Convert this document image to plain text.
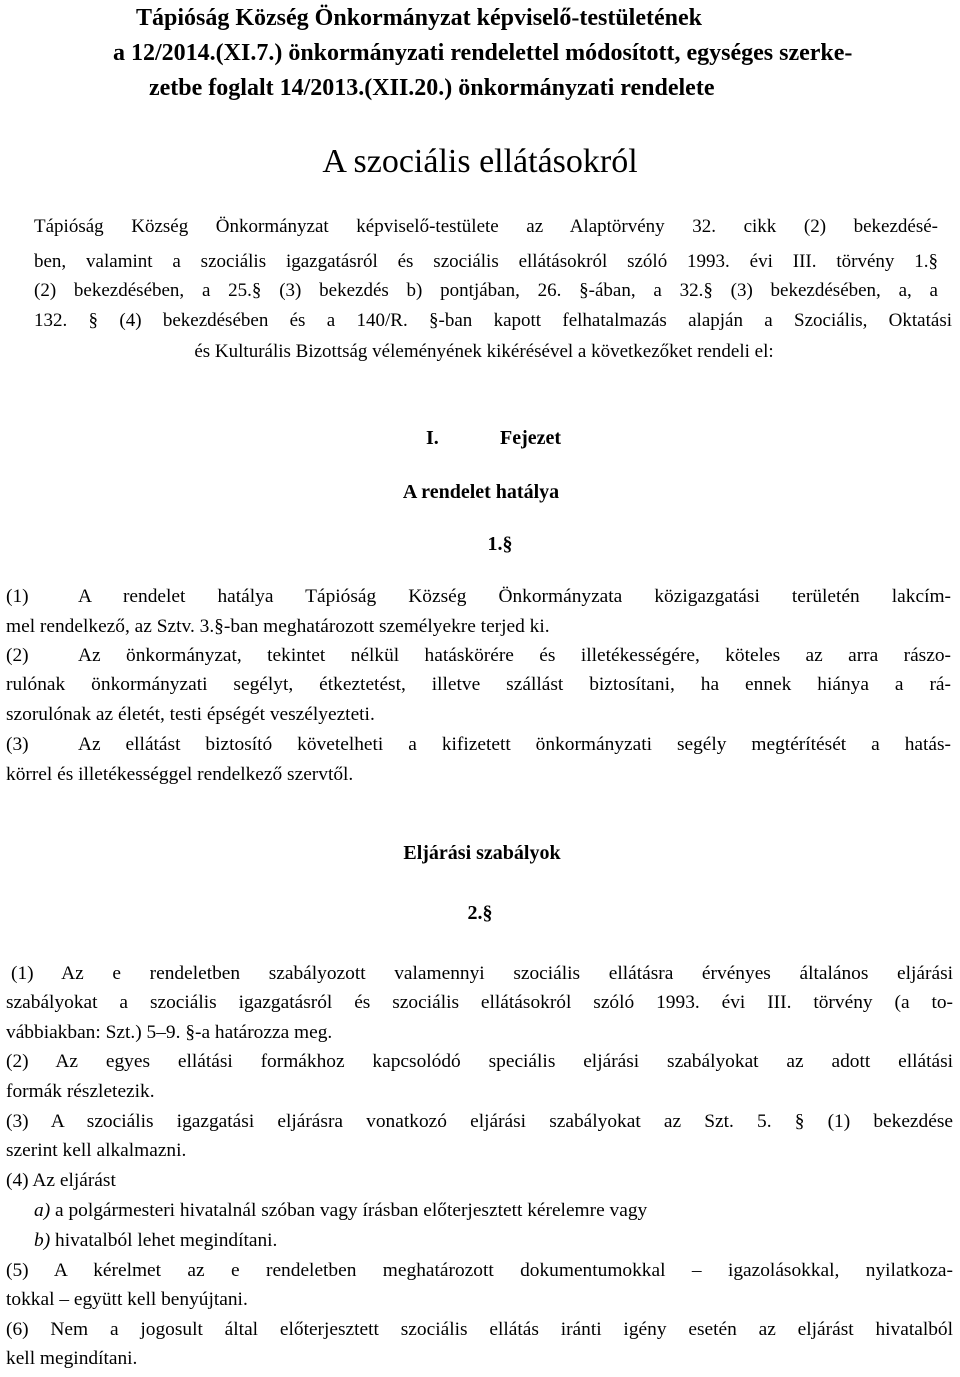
Tápióság Község Önkormányzat képviselő-testületének
a 12/2014.(XI.7.) önkormányzati rendelettel módosított, egységes szerke-
zetbe foglalt 14/2013.(XII.20.) önkormányzati rendelete
A szociális ellátásokról
Tápióság Község Önkormányzat képviselő-testülete az Alaptörvény 32. cikk (2) bekezdésé-
ben, valamint a szociális igazgatásról és szociális ellátásokról szóló 1993. évi III. törvény 1.§
(2) bekezdésében, a 25.§ (3) bekezdés b) pontjában, 26. §-ában, a 32.§ (3) bekezdésében, a, a
132. § (4) bekezdésében és a 140/R. §-ban kapott felhatalmazás alapján a Szociális, Oktatási
és Kulturális Bizottság véleményének kikérésével a következőket rendeli el:
I.	Fejezet
A rendelet hatálya
1.§
(1)	A rendelet hatálya Tápióság Község Önkormányzata közigazgatási területén lakcím-
mel rendelkező, az Sztv. 3.§-ban meghatározott személyekre terjed ki.
(2)	Az önkormányzat, tekintet nélkül hatáskörére és illetékességére, köteles az arra rászo-
rulónak önkormányzati segélyt, étkeztetést, illetve szállást biztosítani, ha ennek hiánya a rá-
szorulónak az életét, testi épségét veszélyezteti.
(3)	Az ellátást biztosító követelheti a kifizetett önkormányzati segély megtérítését a hatás-
körrel és illetékességgel rendelkező szervtől.
Eljárási szabályok
2.§
(1) Az e rendeletben szabályozott valamennyi szociális ellátásra érvényes általános eljárási
szabályokat a szociális igazgatásról és szociális ellátásokról szóló 1993. évi III. törvény (a to-
vábbiakban: Szt.) 5–9. §-a határozza meg.
(2) Az egyes ellátási formákhoz kapcsolódó speciális eljárási szabályokat az adott ellátási
formák részletezik.
(3) A szociális igazgatási eljárásra vonatkozó eljárási szabályokat az Szt. 5. § (1) bekezdése
szerint kell alkalmazni.
(4) Az eljárást
a) a polgármesteri hivatalnál szóban vagy írásban előterjesztett kérelemre vagy
b) hivatalból lehet megindítani.
(5) A kérelmet az e rendeletben meghatározott dokumentumokkal – igazolásokkal, nyilatkoza-
tokkal – együtt kell benyújtani.
(6) Nem a jogosult által előterjesztett szociális ellátás iránti igény esetén az eljárást hivatalból
kell megindítani.
